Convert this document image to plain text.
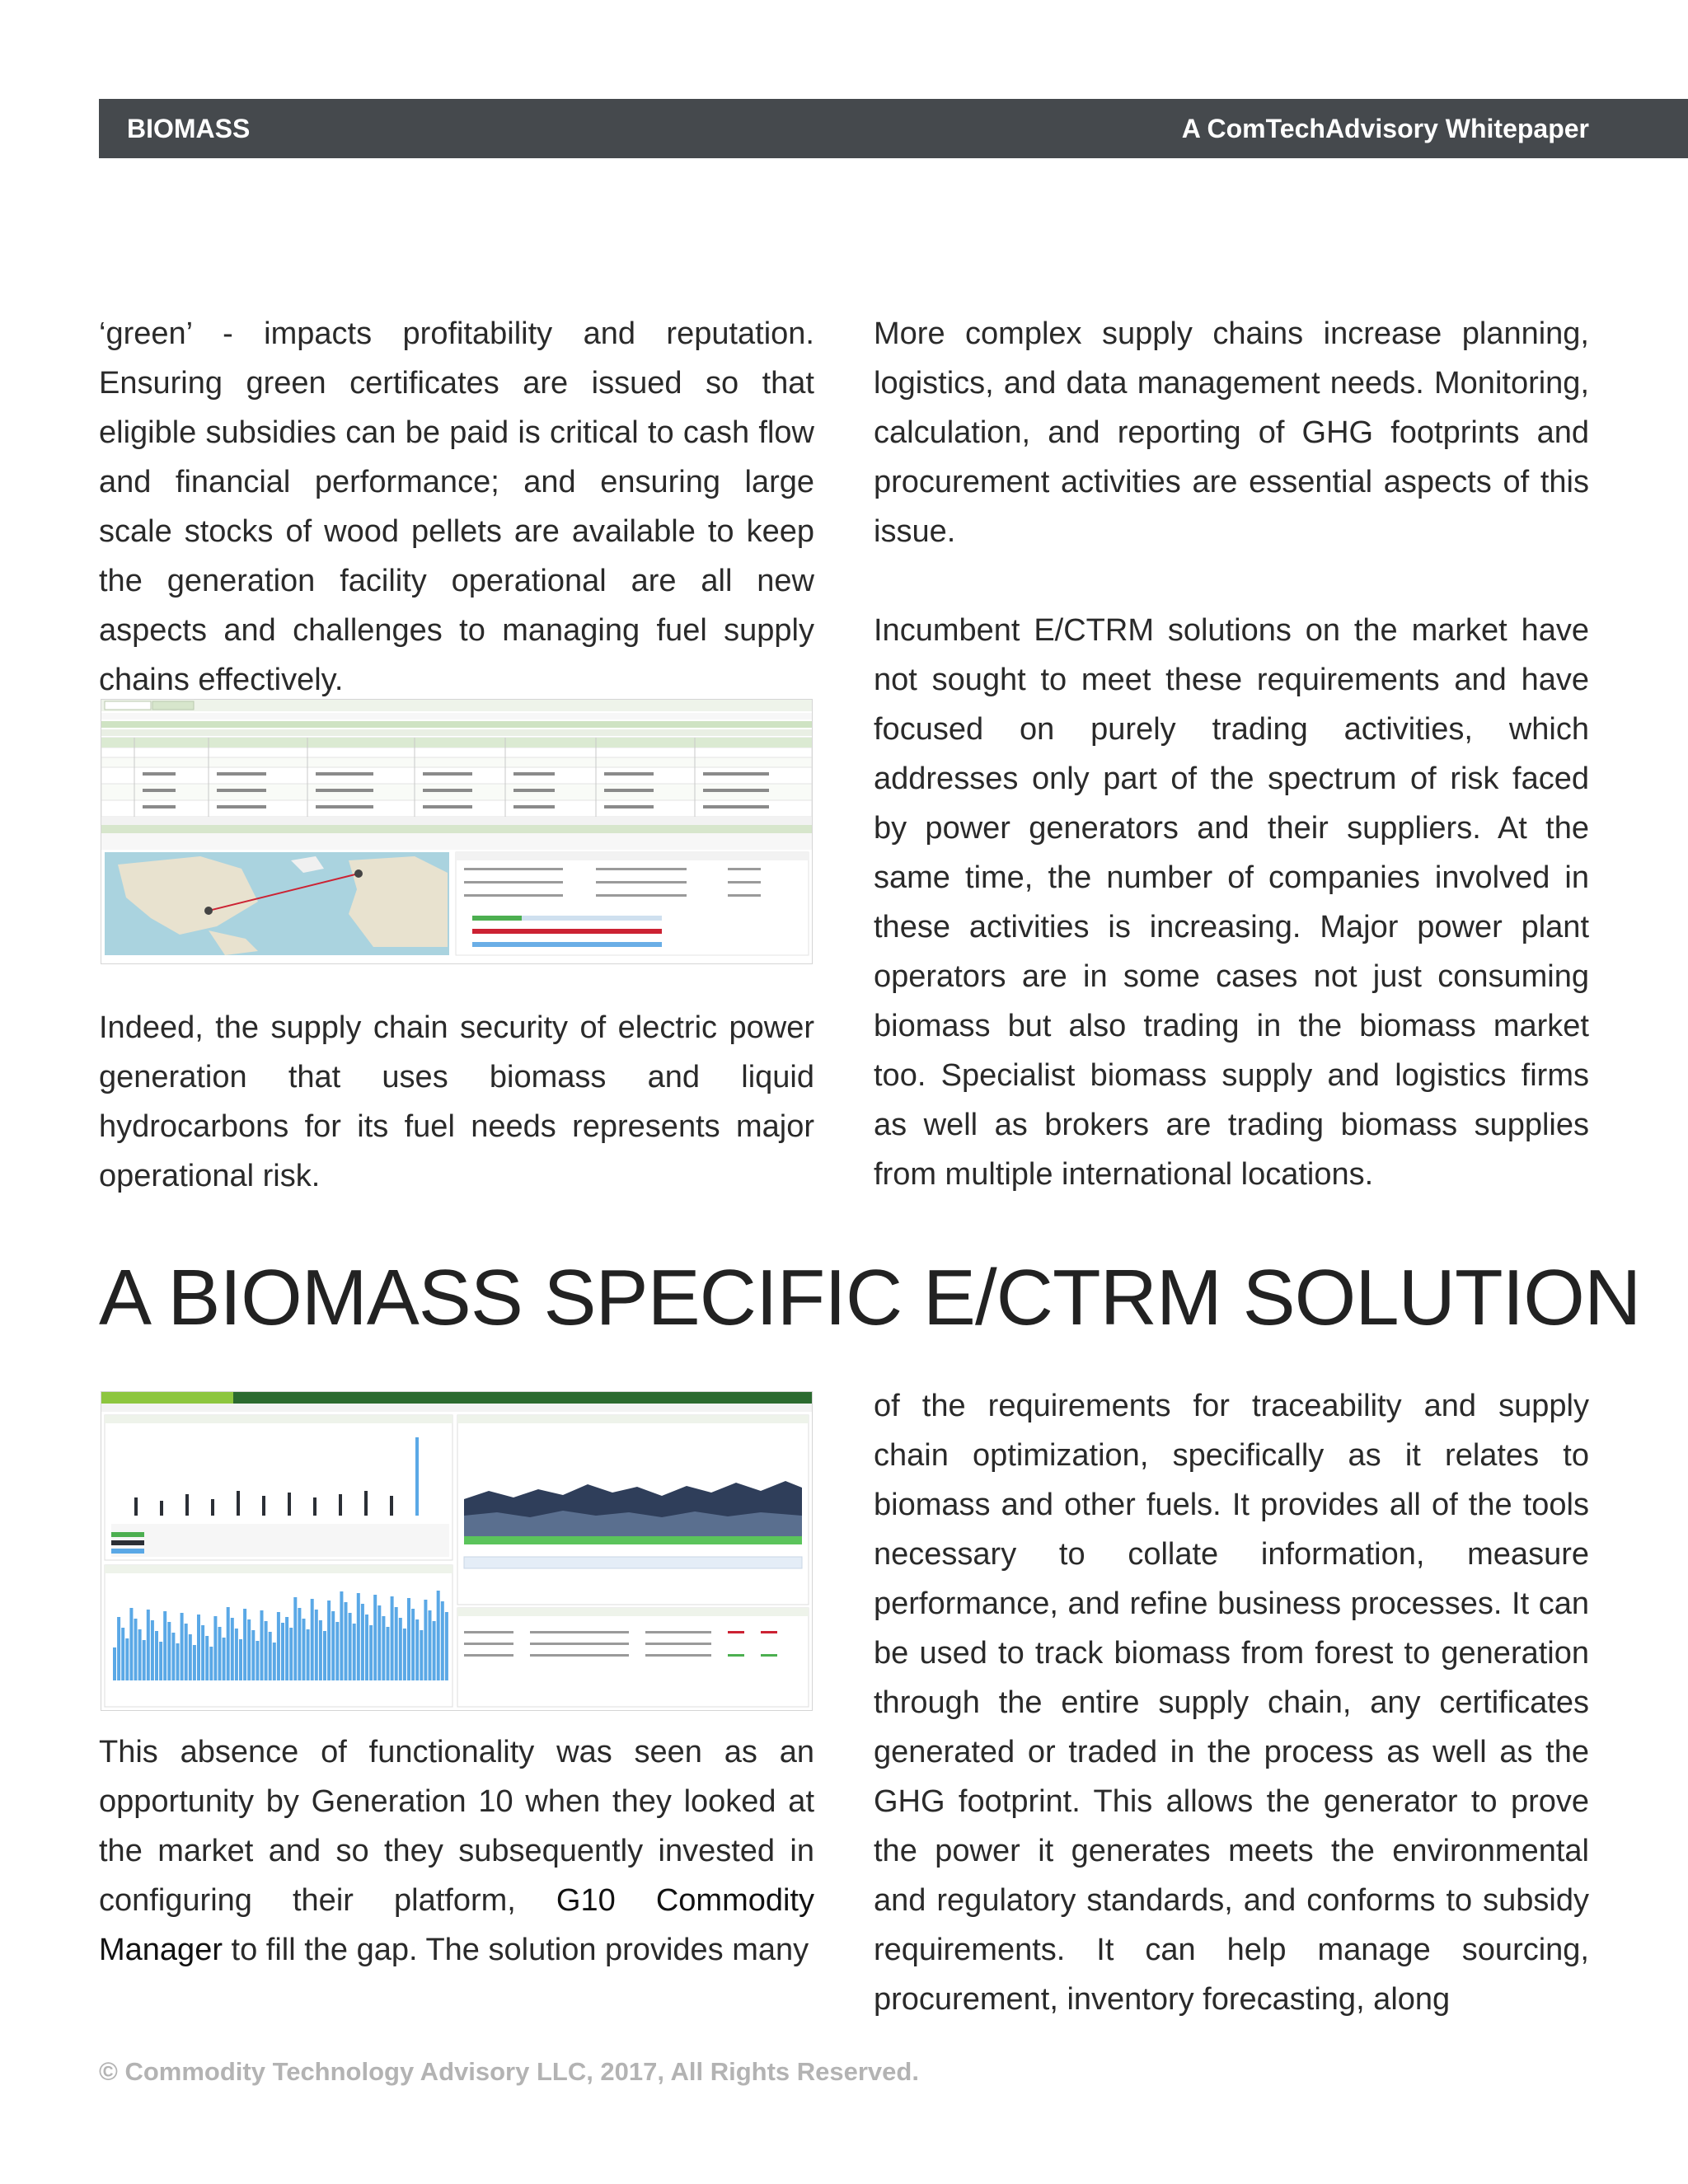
BIOMASS	A ComTechAdvisory Whitepaper

‘green’ - impacts profitability and reputation. Ensuring green certificates are issued so that eligible subsidies can be paid is critical to cash flow and financial performance; and ensuring large scale stocks of wood pellets are available to keep the generation facility operational are all new aspects and challenges to managing fuel supply chains effectively.

More complex supply chains increase planning, logistics, and data management needs. Monitoring, calculation, and reporting of GHG footprints and procurement activities are essential aspects of this issue.

Incumbent E/CTRM solutions on the market have not sought to meet these requirements and have focused on purely trading activities, which addresses only part of the spectrum of risk faced by power generators and their suppliers. At the same time, the number of companies involved in these activities is increasing. Major power plant operators are in some cases not just consuming biomass but also trading in the biomass market too. Specialist biomass supply and logistics firms as well as brokers are trading biomass supplies from multiple international locations.

Indeed, the supply chain security of electric power generation that uses biomass and liquid hydrocarbons for its fuel needs represents major operational risk.

A BIOMASS SPECIFIC E/CTRM SOLUTION

This absence of functionality was seen as an opportunity by Generation 10 when they looked at the market and so they subsequently invested in configuring their platform, G10 Commodity Manager to fill the gap. The solution provides many

of the requirements for traceability and supply chain optimization, specifically as it relates to biomass and other fuels. It provides all of the tools necessary to collate information, measure performance, and refine business processes. It can be used to track biomass from forest to generation through the entire supply chain, any certificates generated or traded in the process as well as the GHG footprint. This allows the generator to prove the power it generates meets the environmental and regulatory standards, and conforms to subsidy requirements. It can help manage sourcing, procurement, inventory forecasting, along

© Commodity Technology Advisory LLC, 2017, All Rights Reserved.
